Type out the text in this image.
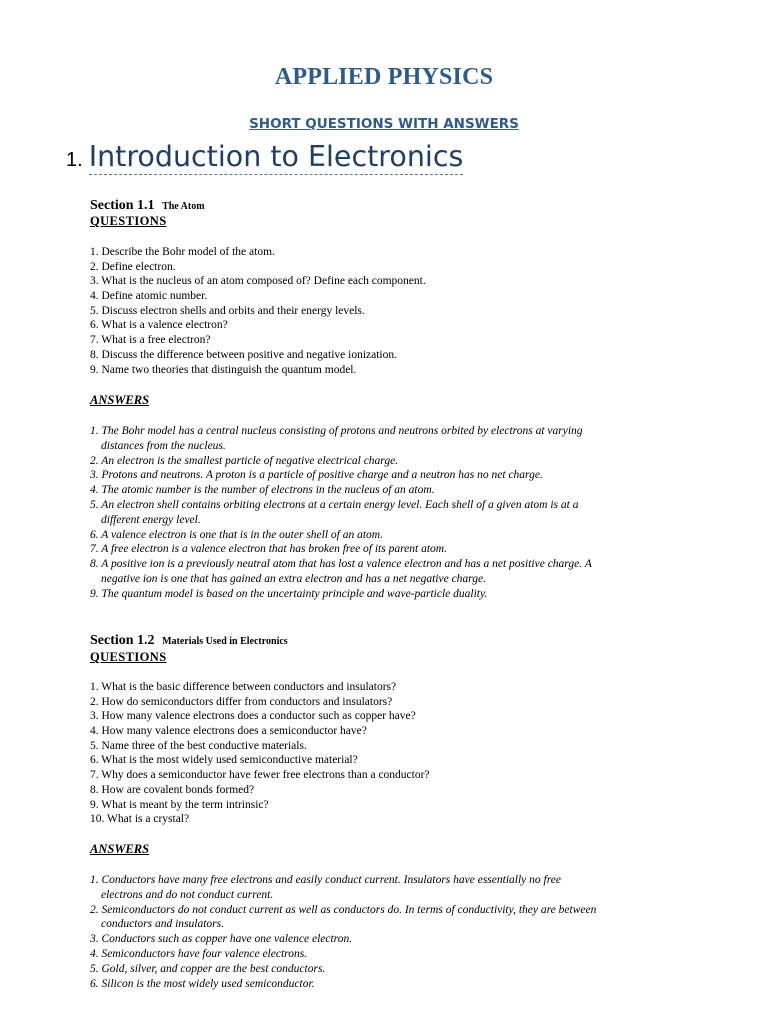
APPLIED PHYSICS
SHORT QUESTIONS WITH ANSWERS
1. Introduction to Electronics
Section 1.1 The Atom
QUESTIONS
1. Describe the Bohr model of the atom.
2. Define electron.
3. What is the nucleus of an atom composed of? Define each component.
4. Define atomic number.
5. Discuss electron shells and orbits and their energy levels.
6. What is a valence electron?
7. What is a free electron?
8. Discuss the difference between positive and negative ionization.
9. Name two theories that distinguish the quantum model.
ANSWERS
1. The Bohr model has a central nucleus consisting of protons and neutrons orbited by electrons at varying distances from the nucleus.
2. An electron is the smallest particle of negative electrical charge.
3. Protons and neutrons. A proton is a particle of positive charge and a neutron has no net charge.
4. The atomic number is the number of electrons in the nucleus of an atom.
5. An electron shell contains orbiting electrons at a certain energy level. Each shell of a given atom is at a different energy level.
6. A valence electron is one that is in the outer shell of an atom.
7. A free electron is a valence electron that has broken free of its parent atom.
8. A positive ion is a previously neutral atom that has lost a valence electron and has a net positive charge. A negative ion is one that has gained an extra electron and has a net negative charge.
9. The quantum model is based on the uncertainty principle and wave-particle duality.
Section 1.2 Materials Used in Electronics
QUESTIONS
1. What is the basic difference between conductors and insulators?
2. How do semiconductors differ from conductors and insulators?
3. How many valence electrons does a conductor such as copper have?
4. How many valence electrons does a semiconductor have?
5. Name three of the best conductive materials.
6. What is the most widely used semiconductive material?
7. Why does a semiconductor have fewer free electrons than a conductor?
8. How are covalent bonds formed?
9. What is meant by the term intrinsic?
10. What is a crystal?
ANSWERS
1. Conductors have many free electrons and easily conduct current. Insulators have essentially no free electrons and do not conduct current.
2. Semiconductors do not conduct current as well as conductors do. In terms of conductivity, they are between conductors and insulators.
3. Conductors such as copper have one valence electron.
4. Semiconductors have four valence electrons.
5. Gold, silver, and copper are the best conductors.
6. Silicon is the most widely used semiconductor.
